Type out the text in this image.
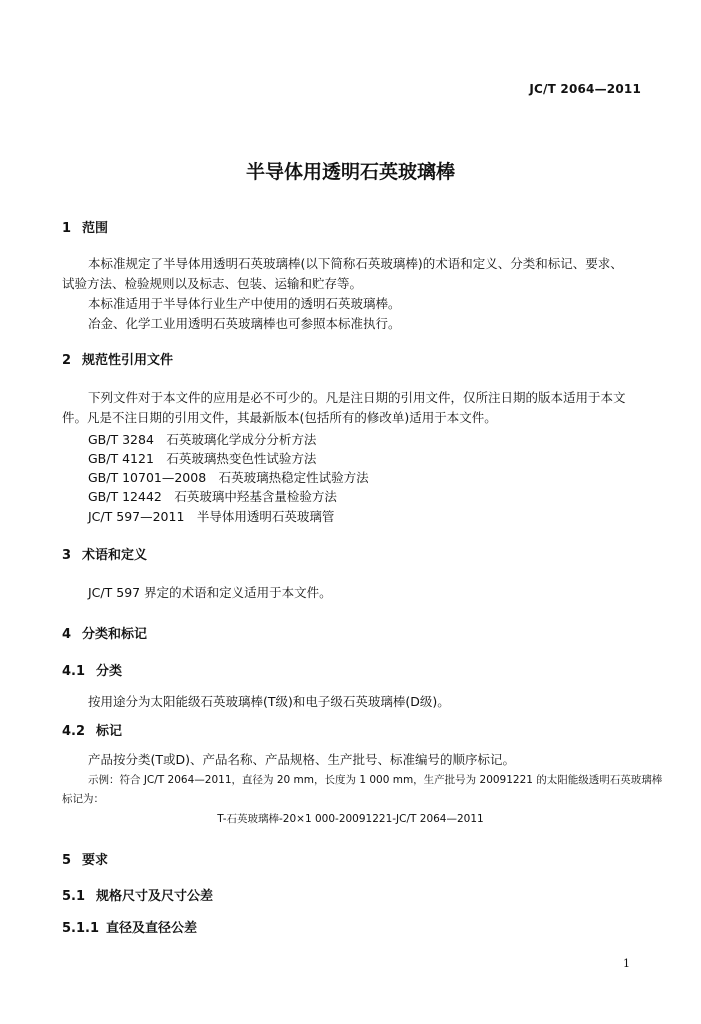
JC/T 2064—2011
半导体用透明石英玻璃棒
1 范围
本标准规定了半导体用透明石英玻璃棒(以下简称石英玻璃棒)的术语和定义、分类和标记、要求、
试验方法、检验规则以及标志、包装、运输和贮存等。
本标准适用于半导体行业生产中使用的透明石英玻璃棒。
冶金、化学工业用透明石英玻璃棒也可参照本标准执行。
2 规范性引用文件
下列文件对于本文件的应用是必不可少的。凡是注日期的引用文件，仅所注日期的版本适用于本文
件。凡是不注日期的引用文件，其最新版本(包括所有的修改单)适用于本文件。
GB/T 3284　石英玻璃化学成分分析方法
GB/T 4121　石英玻璃热变色性试验方法
GB/T 10701—2008　石英玻璃热稳定性试验方法
GB/T 12442　石英玻璃中羟基含量检验方法
JC/T 597—2011　半导体用透明石英玻璃管
3 术语和定义
JC/T 597 界定的术语和定义适用于本文件。
4 分类和标记
4.1 分类
按用途分为太阳能级石英玻璃棒(T级)和电子级石英玻璃棒(D级)。
4.2 标记
产品按分类(T或D)、产品名称、产品规格、生产批号、标准编号的顺序标记。
示例：符合 JC/T 2064—2011，直径为 20 mm，长度为 1 000 mm，生产批号为 20091221 的太阳能级透明石英玻璃棒
标记为：
T-石英玻璃棒-20×1 000-20091221-JC/T 2064—2011
5 要求
5.1 规格尺寸及尺寸公差
5.1.1 直径及直径公差
1
